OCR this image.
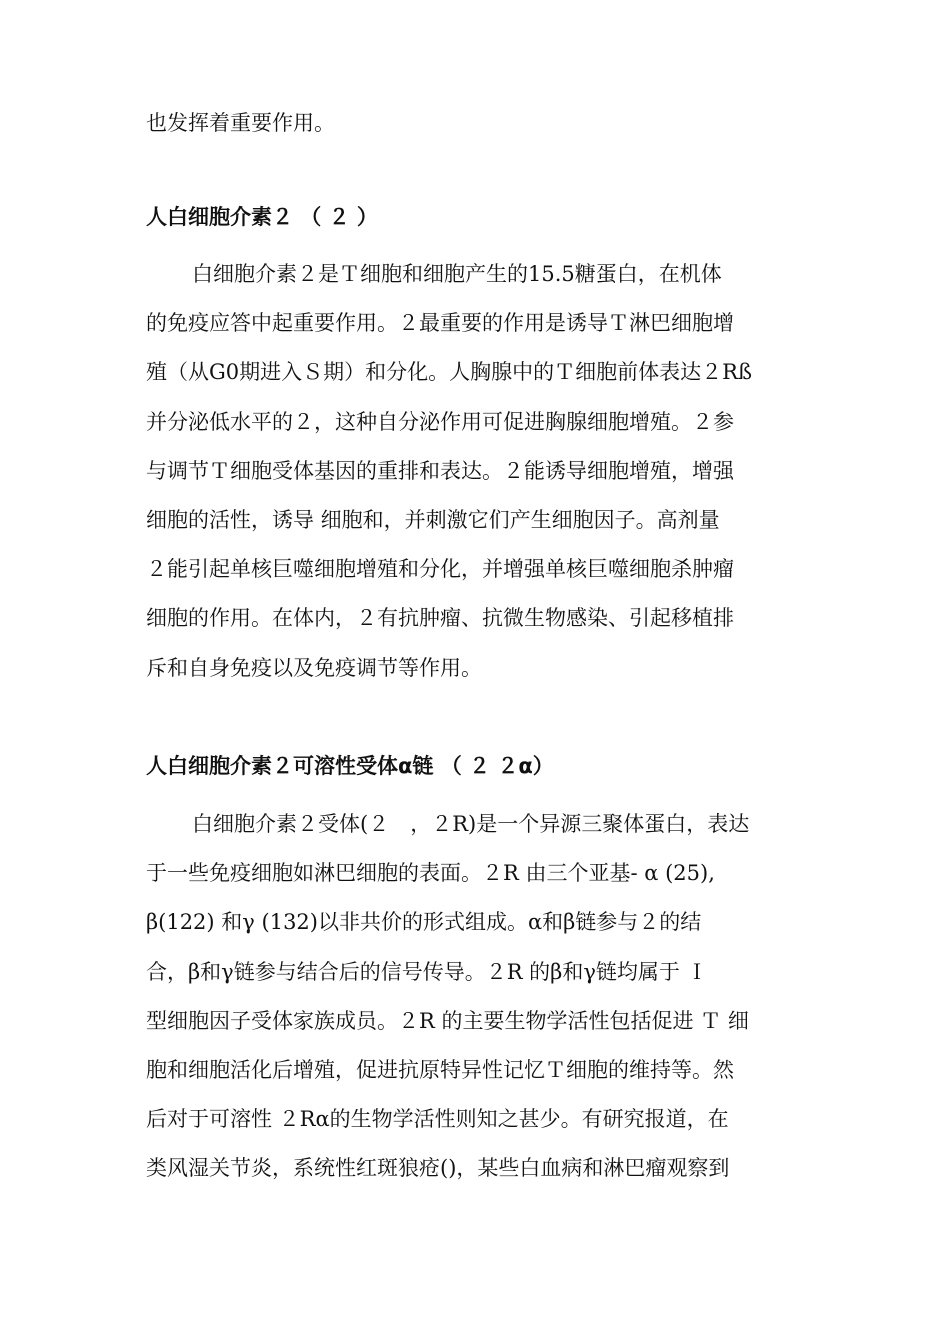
也发挥着重要作用。

人白细胞介素２ （ ２ ）
白细胞介素２是Ｔ细胞和细胞产生的15.5糖蛋白，在机体
的免疫应答中起重要作用。２最重要的作用是诱导Ｔ淋巴细胞增
殖（从G0期进入Ｓ期）和分化。人胸腺中的Ｔ细胞前体表达２Rß
并分泌低水平的２，这种自分泌作用可促进胸腺细胞增殖。２参
与调节Ｔ细胞受体基因的重排和表达。２能诱导细胞增殖，增强
细胞的活性，诱导 细胞和，并刺激它们产生细胞因子。高剂量
２能引起单核巨噬细胞增殖和分化，并增强单核巨噬细胞杀肿瘤
细胞的作用。在体内，２有抗肿瘤、抗微生物感染、引起移植排
斥和自身免疫以及免疫调节等作用。
人白细胞介素２可溶性受体α链 （ ２ ２α）
白细胞介素２受体(２　，２R)是一个异源三聚体蛋白，表达
于一些免疫细胞如淋巴细胞的表面。２R 由三个亚基- α (25),
β(122) 和γ (132)以非共价的形式组成。α和β链参与２的结
合，β和γ链参与结合后的信号传导。２R 的β和γ链均属于 Ｉ
型细胞因子受体家族成员。２R 的主要生物学活性包括促进 Ｔ 细
胞和细胞活化后增殖，促进抗原特异性记忆Ｔ细胞的维持等。然
后对于可溶性 ２Rα的生物学活性则知之甚少。有研究报道，在
类风湿关节炎，系统性红斑狼疮()，某些白血病和淋巴瘤观察到
